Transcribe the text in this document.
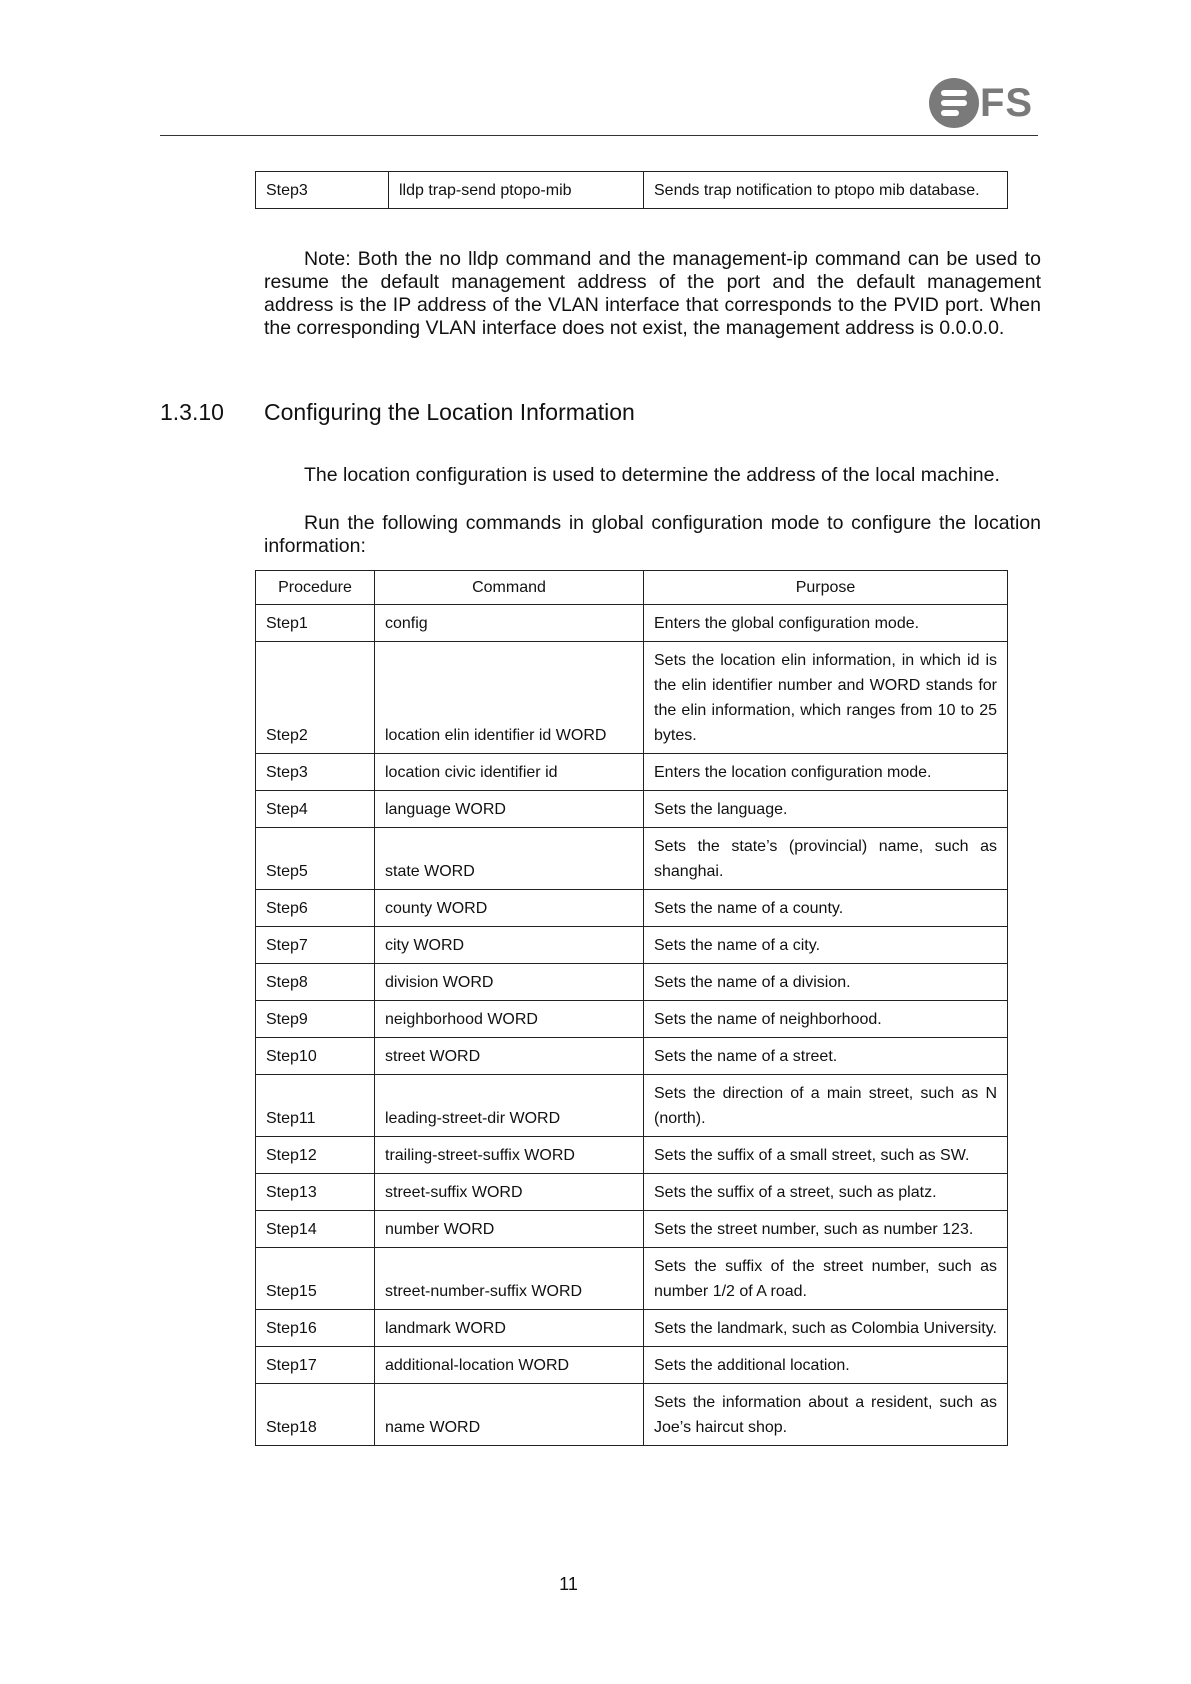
FS
Step3	lldp trap-send ptopo-mib	Sends trap notification to ptopo mib database.
Note: Both the no lldp command and the management-ip command can be used to resume the default management address of the port and the default management address is the IP address of the VLAN interface that corresponds to the PVID port. When the corresponding VLAN interface does not exist, the management address is 0.0.0.0.
1.3.10 Configuring the Location Information
The location configuration is used to determine the address of the local machine.
Run the following commands in global configuration mode to configure the location information:
Procedure	Command	Purpose
Step1	config	Enters the global configuration mode.
Step2	location elin identifier id WORD	Sets the location elin information, in which id is the elin identifier number and WORD stands for the elin information, which ranges from 10 to 25 bytes.
Step3	location civic identifier id	Enters the location configuration mode.
Step4	language WORD	Sets the language.
Step5	state WORD	Sets the state’s (provincial) name, such as shanghai.
Step6	county WORD	Sets the name of a county.
Step7	city WORD	Sets the name of a city.
Step8	division WORD	Sets the name of a division.
Step9	neighborhood WORD	Sets the name of neighborhood.
Step10	street WORD	Sets the name of a street.
Step11	leading-street-dir WORD	Sets the direction of a main street, such as N (north).
Step12	trailing-street-suffix WORD	Sets the suffix of a small street, such as SW.
Step13	street-suffix WORD	Sets the suffix of a street, such as platz.
Step14	number WORD	Sets the street number, such as number 123.
Step15	street-number-suffix WORD	Sets the suffix of the street number, such as number 1/2 of A road.
Step16	landmark WORD	Sets the landmark, such as Colombia University.
Step17	additional-location WORD	Sets the additional location.
Step18	name WORD	Sets the information about a resident, such as Joe’s haircut shop.
11
